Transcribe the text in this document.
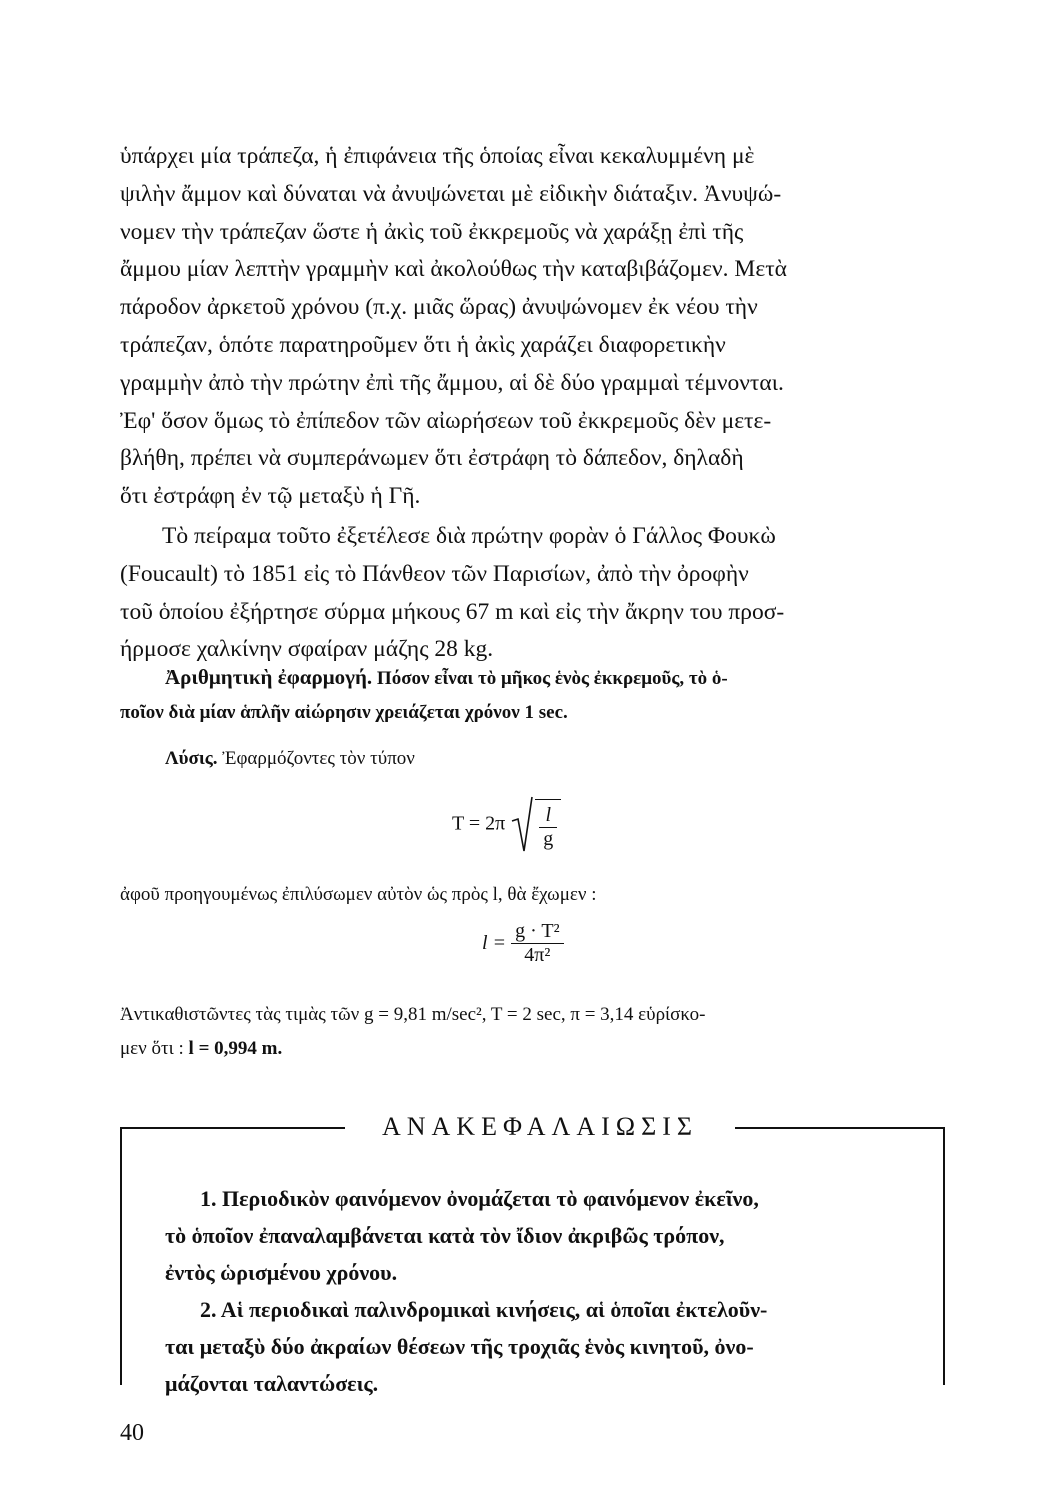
ὑπάρχει μία τράπεζα, ἡ ἐπιφάνεια τῆς ὁποίας εἶναι κεκαλυμμένη μὲ
ψιλὴν ἄμμον καὶ δύναται νὰ ἀνυψώνεται μὲ εἰδικὴν διάταξιν. Ἀνυψώ-
νομεν τὴν τράπεζαν ὥστε ἡ ἀκὶς τοῦ ἐκκρεμοῦς νὰ χαράξῃ ἐπὶ τῆς
ἄμμου μίαν λεπτὴν γραμμὴν καὶ ἀκολούθως τὴν καταβιβάζομεν. Μετὰ
πάροδον ἀρκετοῦ χρόνου (π.χ. μιᾶς ὥρας) ἀνυψώνομεν ἐκ νέου τὴν
τράπεζαν, ὁπότε παρατηροῦμεν ὅτι ἡ ἀκὶς χαράζει διαφορετικὴν
γραμμὴν ἀπὸ τὴν πρώτην ἐπὶ τῆς ἄμμου, αἱ δὲ δύο γραμμαὶ τέμνονται.
Ἐφ' ὅσον ὅμως τὸ ἐπίπεδον τῶν αἰωρήσεων τοῦ ἐκκρεμοῦς δὲν μετε-
βλήθη, πρέπει νὰ συμπεράνωμεν ὅτι ἐστράφη τὸ δάπεδον, δηλαδὴ
ὅτι ἐστράφη ἐν τῷ μεταξὺ ἡ Γῆ.
Τὸ πείραμα τοῦτο ἐξετέλεσε διὰ πρώτην φορὰν ὁ Γάλλος Φουκὼ
(Foucault) τὸ 1851 εἰς τὸ Πάνθεον τῶν Παρισίων, ἀπὸ τὴν ὀροφὴν
τοῦ ὁποίου ἐξήρτησε σύρμα μήκους 67 m καὶ εἰς τὴν ἄκρην του προσ-
ήρμοσε χαλκίνην σφαίραν μάζης 28 kg.
Ἀριθμητικὴ ἐφαρμογή. Πόσον εἶναι τὸ μῆκος ἑνὸς ἐκκρεμοῦς, τὸ ὁ-
ποῖον διὰ μίαν ἁπλῆν αἰώρησιν χρειάζεται χρόνον 1 sec.
Λύσις. Ἐφαρμόζοντες τὸν τύπον
$T = 2\pi \frac{l}{g}$
ἀφοῦ προηγουμένως ἐπιλύσωμεν αὐτὸν ὡς πρὸς l, θὰ ἔχωμεν :
$l = \frac{\text{g · T²}}{\text{4π²}}$
Ἀντικαθιστῶντες τὰς τιμὰς τῶν g = 9,81 m/sec², T = 2 sec, π = 3,14 εὑρίσκο-
μεν ὅτι : l = 0,994 m.
ΑΝΑΚΕΦΑΛΑΙΩΣΙΣ
1. Περιοδικὸν φαινόμενον ὀνομάζεται τὸ φαινόμενον ἐκεῖνο,
τὸ ὁποῖον ἐπαναλαμβάνεται κατὰ τὸν ἴδιον ἀκριβῶς τρόπον,
ἐντὸς ὡρισμένου χρόνου.
2. Αἱ περιοδικαὶ παλινδρομικαὶ κινήσεις, αἱ ὁποῖαι ἐκτελοῦν-
ται μεταξὺ δύο ἀκραίων θέσεων τῆς τροχιᾶς ἑνὸς κινητοῦ, ὀνο-
μάζονται ταλαντώσεις.
40
